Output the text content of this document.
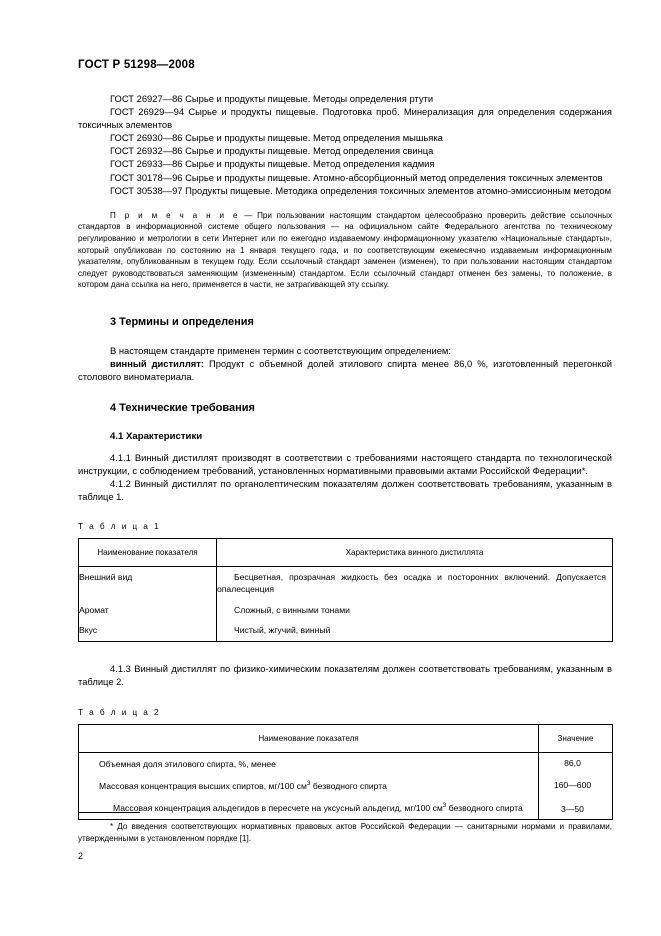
ГОСТ Р 51298—2008

ГОСТ 26927—86 Сырье и продукты пищевые. Методы определения ртути

ГОСТ 26929—94 Сырье и продукты пищевые. Подготовка проб. Минерализация для определения содержания токсичных элементов

ГОСТ 26930—86 Сырье и продукты пищевые. Метод определения мышьяка

ГОСТ 26932—86 Сырье и продукты пищевые. Метод определения свинца

ГОСТ 26933—86 Сырье и продукты пищевые. Метод определения кадмия

ГОСТ 30178—96 Сырье и продукты пищевые. Атомно-абсорбционный метод определения токсичных элементов

ГОСТ 30538—97 Продукты пищевые. Методика определения токсичных элементов атомно-эмиссионным методом

П р и м е ч а н и е — При пользовании настоящим стандартом целесообразно проверить действие ссылочных стандартов в информационной системе общего пользования — на официальном сайте Федерального агентства по техническому регулированию и метрологии в сети Интернет или по ежегодно издаваемому информационному указателю «Национальные стандарты», который опубликован по состоянию на 1 января текущего года, и по соответствующим ежемесячно издаваемым информационным указателям, опубликованным в текущем году. Если ссылочный стандарт заменен (изменен), то при пользовании настоящим стандартом следует руководствоваться заменяющим (измененным) стандартом. Если ссылочный стандарт отменен без замены, то положение, в котором дана ссылка на него, применяется в части, не затрагивающей эту ссылку.
3 Термины и определения

В настоящем стандарте применен термин с соответствующим определением:

винный дистиллят: Продукт с объемной долей этилового спирта менее 86,0 %, изготовленный перегонкой столового виноматериала.

4 Технические требования
4.1 Характеристики

4.1.1 Винный дистиллят производят в соответствии с требованиями настоящего стандарта по технологической инструкции, с соблюдением требований, установленных нормативными правовыми актами Российской Федерации*.

4.1.2 Винный дистиллят по органолептическим показателям должен соответствовать требованиям, указанным в таблице 1.

Т а б л и ц а 1
Наименование показателя	Характеристика винного дистиллята
Внешний вид	Бесцветная, прозрачная жидкость без осадка и посторонних включений. Допускается опалесценция
Аромат	Сложный, с винными тонами
Вкус	Чистый, жгучий, винный

4.1.3 Винный дистиллят по физико-химическим показателям должен соответствовать требованиям, указанным в таблице 2.

Т а б л и ц а 2
Наименование показателя	Значение
Объемная доля этилового спирта, %, менее	86,0
Массовая концентрация высших спиртов, мг/100 $см^3$ безводного спирта	160—600
Массовая концентрация альдегидов в пересчете на уксусный альдегид, мг/100 $см^3$ безводного спирта	3—50
* До введения соответствующих нормативных правовых актов Российской Федерации — санитарными нормами и правилами, утвержденными в установленном порядке [1].
2
